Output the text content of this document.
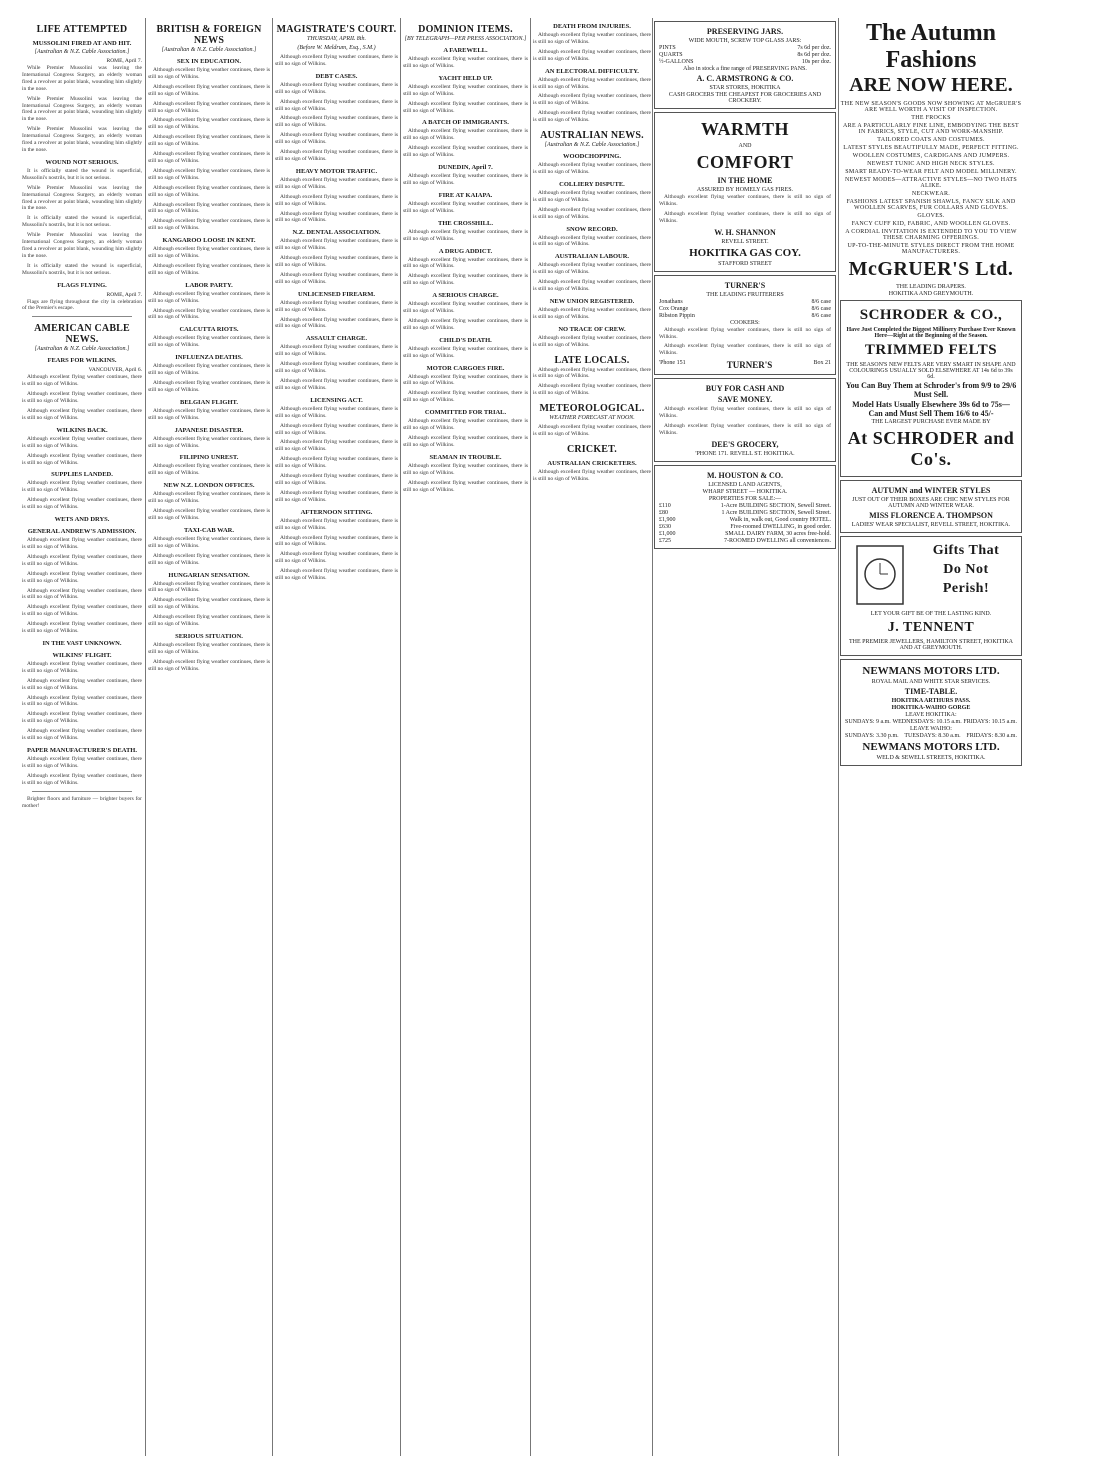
LIFE ATTEMPTED
MUSSOLINI FIRED AT AND HIT.
[Australian & N.Z. Cable Association.]
ROME, April 7.

While Premier Mussolini was leaving the International Congress Surgery, an elderly woman fired a revolver at point blank, wounding him slightly in the nose.

While Premier Mussolini was leaving the International Congress Surgery, an elderly woman fired a revolver at point blank, wounding him slightly in the nose.

While Premier Mussolini was leaving the International Congress Surgery, an elderly woman fired a revolver at point blank, wounding him slightly in the nose.

WOUND NOT SERIOUS.

It is officially stated the wound is superficial, Mussolini's nostrils, but it is not serious.

While Premier Mussolini was leaving the International Congress Surgery, an elderly woman fired a revolver at point blank, wounding him slightly in the nose.

It is officially stated the wound is superficial, Mussolini's nostrils, but it is not serious.

While Premier Mussolini was leaving the International Congress Surgery, an elderly woman fired a revolver at point blank, wounding him slightly in the nose.

It is officially stated the wound is superficial, Mussolini's nostrils, but it is not serious.

FLAGS FLYING.
ROME, April 7.

Flags are flying throughout the city in celebration of the Premier's escape.

AMERICAN CABLE NEWS.
[Australian & N.Z. Cable Association.]
FEARS FOR WILKINS.
VANCOUVER, April 6.

Although excellent flying weather continues, there is still no sign of Wilkins.

Although excellent flying weather continues, there is still no sign of Wilkins.

Although excellent flying weather continues, there is still no sign of Wilkins.

WILKINS BACK.

Although excellent flying weather continues, there is still no sign of Wilkins.

Although excellent flying weather continues, there is still no sign of Wilkins.

SUPPLIES LANDED.

Although excellent flying weather continues, there is still no sign of Wilkins.

Although excellent flying weather continues, there is still no sign of Wilkins.

WETS AND DRYS.
GENERAL ANDREW'S ADMISSION.

Although excellent flying weather continues, there is still no sign of Wilkins.

Although excellent flying weather continues, there is still no sign of Wilkins.

Although excellent flying weather continues, there is still no sign of Wilkins.

Although excellent flying weather continues, there is still no sign of Wilkins.

Although excellent flying weather continues, there is still no sign of Wilkins.

Although excellent flying weather continues, there is still no sign of Wilkins.

IN THE VAST UNKNOWN.
WILKINS' FLIGHT.

Although excellent flying weather continues, there is still no sign of Wilkins.

Although excellent flying weather continues, there is still no sign of Wilkins.

Although excellent flying weather continues, there is still no sign of Wilkins.

Although excellent flying weather continues, there is still no sign of Wilkins.

Although excellent flying weather continues, there is still no sign of Wilkins.

PAPER MANUFACTURER'S DEATH.

Although excellent flying weather continues, there is still no sign of Wilkins.

Although excellent flying weather continues, there is still no sign of Wilkins.

Brighter floors and furniture — brighter buyers for mother!

BRITISH & FOREIGN NEWS
[Australian & N.Z. Cable Association.]
SEX IN EDUCATION.

Although excellent flying weather continues, there is still no sign of Wilkins.

Although excellent flying weather continues, there is still no sign of Wilkins.

Although excellent flying weather continues, there is still no sign of Wilkins.

Although excellent flying weather continues, there is still no sign of Wilkins.

Although excellent flying weather continues, there is still no sign of Wilkins.

Although excellent flying weather continues, there is still no sign of Wilkins.

Although excellent flying weather continues, there is still no sign of Wilkins.

Although excellent flying weather continues, there is still no sign of Wilkins.

Although excellent flying weather continues, there is still no sign of Wilkins.

Although excellent flying weather continues, there is still no sign of Wilkins.

KANGAROO LOOSE IN KENT.

Although excellent flying weather continues, there is still no sign of Wilkins.

Although excellent flying weather continues, there is still no sign of Wilkins.

LABOR PARTY.

Although excellent flying weather continues, there is still no sign of Wilkins.

Although excellent flying weather continues, there is still no sign of Wilkins.

CALCUTTA RIOTS.

Although excellent flying weather continues, there is still no sign of Wilkins.

INFLUENZA DEATHS.

Although excellent flying weather continues, there is still no sign of Wilkins.

Although excellent flying weather continues, there is still no sign of Wilkins.

BELGIAN FLIGHT.

Although excellent flying weather continues, there is still no sign of Wilkins.

JAPANESE DISASTER.

Although excellent flying weather continues, there is still no sign of Wilkins.

FILIPINO UNREST.

Although excellent flying weather continues, there is still no sign of Wilkins.

NEW N.Z. LONDON OFFICES.

Although excellent flying weather continues, there is still no sign of Wilkins.

Although excellent flying weather continues, there is still no sign of Wilkins.

TAXI-CAB WAR.

Although excellent flying weather continues, there is still no sign of Wilkins.

Although excellent flying weather continues, there is still no sign of Wilkins.

HUNGARIAN SENSATION.

Although excellent flying weather continues, there is still no sign of Wilkins.

Although excellent flying weather continues, there is still no sign of Wilkins.

Although excellent flying weather continues, there is still no sign of Wilkins.

SERIOUS SITUATION.

Although excellent flying weather continues, there is still no sign of Wilkins.

Although excellent flying weather continues, there is still no sign of Wilkins.

MAGISTRATE'S COURT.
THURSDAY, APRIL 8th.
(Before W. Meldrum, Esq., S.M.)

Although excellent flying weather continues, there is still no sign of Wilkins.

DEBT CASES.

Although excellent flying weather continues, there is still no sign of Wilkins.

Although excellent flying weather continues, there is still no sign of Wilkins.

Although excellent flying weather continues, there is still no sign of Wilkins.

Although excellent flying weather continues, there is still no sign of Wilkins.

Although excellent flying weather continues, there is still no sign of Wilkins.

HEAVY MOTOR TRAFFIC.

Although excellent flying weather continues, there is still no sign of Wilkins.

Although excellent flying weather continues, there is still no sign of Wilkins.

Although excellent flying weather continues, there is still no sign of Wilkins.

N.Z. DENTAL ASSOCIATION.

Although excellent flying weather continues, there is still no sign of Wilkins.

Although excellent flying weather continues, there is still no sign of Wilkins.

Although excellent flying weather continues, there is still no sign of Wilkins.

UNLICENSED FIREARM.

Although excellent flying weather continues, there is still no sign of Wilkins.

Although excellent flying weather continues, there is still no sign of Wilkins.

ASSAULT CHARGE.

Although excellent flying weather continues, there is still no sign of Wilkins.

Although excellent flying weather continues, there is still no sign of Wilkins.

Although excellent flying weather continues, there is still no sign of Wilkins.

LICENSING ACT.

Although excellent flying weather continues, there is still no sign of Wilkins.

Although excellent flying weather continues, there is still no sign of Wilkins.

Although excellent flying weather continues, there is still no sign of Wilkins.

Although excellent flying weather continues, there is still no sign of Wilkins.

Although excellent flying weather continues, there is still no sign of Wilkins.

Although excellent flying weather continues, there is still no sign of Wilkins.

AFTERNOON SITTING.

Although excellent flying weather continues, there is still no sign of Wilkins.

Although excellent flying weather continues, there is still no sign of Wilkins.

Although excellent flying weather continues, there is still no sign of Wilkins.

Although excellent flying weather continues, there is still no sign of Wilkins.

DOMINION ITEMS.
[BY TELEGRAPH—PER PRESS ASSOCIATION.]
A FAREWELL.

Although excellent flying weather continues, there is still no sign of Wilkins.

YACHT HELD UP.

Although excellent flying weather continues, there is still no sign of Wilkins.

Although excellent flying weather continues, there is still no sign of Wilkins.

A BATCH OF IMMIGRANTS.

Although excellent flying weather continues, there is still no sign of Wilkins.

Although excellent flying weather continues, there is still no sign of Wilkins.

DUNEDIN, April 7.

Although excellent flying weather continues, there is still no sign of Wilkins.

FIRE AT KAIAPA.

Although excellent flying weather continues, there is still no sign of Wilkins.

THE CROSSHILL.

Although excellent flying weather continues, there is still no sign of Wilkins.

A DRUG ADDICT.

Although excellent flying weather continues, there is still no sign of Wilkins.

Although excellent flying weather continues, there is still no sign of Wilkins.

A SERIOUS CHARGE.

Although excellent flying weather continues, there is still no sign of Wilkins.

Although excellent flying weather continues, there is still no sign of Wilkins.

CHILD'S DEATH.

Although excellent flying weather continues, there is still no sign of Wilkins.

MOTOR CARGOES FIRE.

Although excellent flying weather continues, there is still no sign of Wilkins.

Although excellent flying weather continues, there is still no sign of Wilkins.

COMMITTED FOR TRIAL.

Although excellent flying weather continues, there is still no sign of Wilkins.

Although excellent flying weather continues, there is still no sign of Wilkins.

SEAMAN IN TROUBLE.

Although excellent flying weather continues, there is still no sign of Wilkins.

Although excellent flying weather continues, there is still no sign of Wilkins.

DEATH FROM INJURIES.

Although excellent flying weather continues, there is still no sign of Wilkins.

Although excellent flying weather continues, there is still no sign of Wilkins.

AN ELECTORAL DIFFICULTY.

Although excellent flying weather continues, there is still no sign of Wilkins.

Although excellent flying weather continues, there is still no sign of Wilkins.

Although excellent flying weather continues, there is still no sign of Wilkins.

AUSTRALIAN NEWS.
[Australian & N.Z. Cable Association.]
WOODCHOPPING.

Although excellent flying weather continues, there is still no sign of Wilkins.

COLLIERY DISPUTE.

Although excellent flying weather continues, there is still no sign of Wilkins.

Although excellent flying weather continues, there is still no sign of Wilkins.

SNOW RECORD.

Although excellent flying weather continues, there is still no sign of Wilkins.

AUSTRALIAN LABOUR.

Although excellent flying weather continues, there is still no sign of Wilkins.

Although excellent flying weather continues, there is still no sign of Wilkins.

NEW UNION REGISTERED.

Although excellent flying weather continues, there is still no sign of Wilkins.

NO TRACE OF CREW.

Although excellent flying weather continues, there is still no sign of Wilkins.

LATE LOCALS.

Although excellent flying weather continues, there is still no sign of Wilkins.

Although excellent flying weather continues, there is still no sign of Wilkins.

METEOROLOGICAL.
WEATHER FORECAST AT NOON.

Although excellent flying weather continues, there is still no sign of Wilkins.

CRICKET.
AUSTRALIAN CRICKETERS.

Although excellent flying weather continues, there is still no sign of Wilkins.

PRESERVING JARS.
WIDE MOUTH, SCREW TOP GLASS JARS:
PINTS	7s 6d per doz.
QUARTS	8s 6d per doz.
½-GALLONS	10s per doz.
Also in stock a fine range of PRESERVING PANS.
A. C. ARMSTRONG & CO.
STAR STORES, HOKITIKA
CASH GROCERS THE CHEAPEST FOR GROCERIES AND CROCKERY.
WARMTH
AND
COMFORT
IN THE HOME
ASSURED BY HOMELY GAS FIRES.

Although excellent flying weather continues, there is still no sign of Wilkins.

Although excellent flying weather continues, there is still no sign of Wilkins.

W. H. SHANNON
REVELL STREET.
HOKITIKA GAS COY.
STAFFORD STREET
TURNER'S
THE LEADING FRUITERERS
Jonathans	8/6 case
Cox Orange	8/6 case
Ribston Pippin	8/6 case
COOKERS:

Although excellent flying weather continues, there is still no sign of Wilkins.

Although excellent flying weather continues, there is still no sign of Wilkins.

'Phone 151	TURNER'S	Box 21
BUY FOR CASH AND
SAVE MONEY.

Although excellent flying weather continues, there is still no sign of Wilkins.

Although excellent flying weather continues, there is still no sign of Wilkins.

DEE'S GROCERY,
'PHONE 171. REVELL ST. HOKITIKA.
M. HOUSTON & CO.
LICENSED LAND AGENTS,
WHARF STREET — HOKITIKA.
PROPERTIES FOR SALE:—
£110	1-Acre BUILDING SECTION, Sewell Street.
£80	1 Acre BUILDING SECTION, Sewell Street.
£1,900	Walk in, walk out, Good country HOTEL.
£630	Five-roomed DWELLING, in good order.
£1,000	SMALL DAIRY FARM, 30 acres free-hold.
£725	7-ROOMED DWELLING all conveniences.
The Autumn Fashions
ARE NOW HERE.
THE NEW SEASON'S GOODS NOW SHOWING AT McGRUER'S ARE WELL WORTH A VISIT OF INSPECTION.
THE FROCKS
ARE A PARTICULARLY FINE LINE, EMBODYING THE BEST IN FABRICS, STYLE, CUT AND WORK-MANSHIP.
TAILORED COATS AND COSTUMES.
LATEST STYLES BEAUTIFULLY MADE, PERFECT FITTING.
WOOLLEN COSTUMES, CARDIGANS AND JUMPERS.
NEWEST TUNIC AND HIGH NECK STYLES.
SMART READY-TO-WEAR FELT AND MODEL MILLINERY.
NEWEST MODES—ATTRACTIVE STYLES—NO TWO HATS ALIKE.
NECKWEAR.
FASHIONS LATEST SPANISH SHAWLS, FANCY SILK AND WOOLLEN SCARVES, FUR COLLARS AND GLOVES.
GLOVES.
FANCY CUFF KID, FABRIC, AND WOOLLEN GLOVES.
A CORDIAL INVITATION IS EXTENDED TO YOU TO VIEW THESE CHARMING OFFERINGS.
UP-TO-THE-MINUTE STYLES DIRECT FROM THE HOME MANUFACTURERS.
McGRUER'S Ltd.
THE LEADING DRAPERS.
HOKITIKA AND GREYMOUTH.
SCHRODER & CO.,
Have Just Completed the Biggest Millinery Purchase Ever Known Here—Right at the Beginning of the Season.
TRIMMED FELTS
THE SEASON'S NEW FELTS ARE VERY SMART IN SHAPE AND COLOURINGS USUALLY SOLD ELSEWHERE AT 14s 6d to 39s 6d.
You Can Buy Them at Schroder's from 9/9 to 29/6 Must Sell.
Model Hats Usually Elsewhere 39s 6d to 75s—Can and Must Sell Them 16/6 to 45/-
THE LARGEST PURCHASE EVER MADE BY
At SCHRODER and Co's.
AUTUMN and WINTER STYLES
JUST OUT OF THEIR BOXES ARE CHIC NEW STYLES FOR AUTUMN AND WINTER WEAR.
MISS FLORENCE A. THOMPSON
LADIES' WEAR SPECIALIST, REVELL STREET, HOKITIKA.
Gifts That
Do Not
Perish!
LET YOUR GIFT BE OF THE LASTING KIND.
J. TENNENT
THE PREMIER JEWELLERS, HAMILTON STREET, HOKITIKA AND AT GREYMOUTH.
NEWMANS MOTORS LTD.
ROYAL MAIL AND WHITE STAR SERVICES.
TIME-TABLE.
HOKITIKA ARTHURS PASS.
HOKITIKA-WAIHO GORGE
LEAVE HOKITIKA:
SUNDAYS: 9 a.m. WEDNESDAYS: 10.15 a.m. FRIDAYS: 10.15 a.m.
LEAVE WAIHO:
SUNDAYS: 3.30 p.m. TUESDAYS: 8.30 a.m. FRIDAYS: 8.30 a.m.
NEWMANS MOTORS LTD.
WELD & SEWELL STREETS, HOKITIKA.
